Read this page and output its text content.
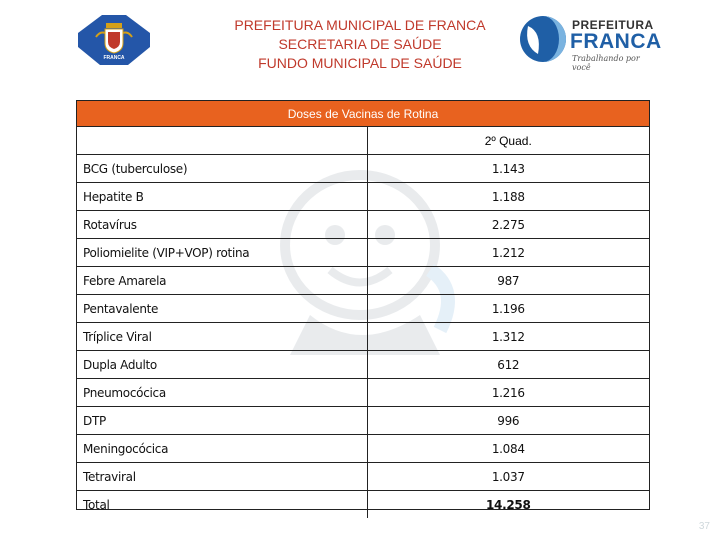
FRANCA
PREFEITURA MUNICIPAL DE FRANCA
SECRETARIA DE SAÚDE
FUNDO MUNICIPAL DE SAÚDE
PREFEITURA
FRANCA
Trabalhando por você
Doses de Vacinas de Rotina	
	2º Quad.
BCG (tuberculose)	1.143
Hepatite B	1.188
Rotavírus	2.275
Poliomielite (VIP+VOP) rotina	1.212
Febre Amarela	987
Pentavalente	1.196
Tríplice Viral	1.312
Dupla Adulto	612
Pneumocócica	1.216
DTP	996
Meningocócica	1.084
Tetraviral	1.037
Total	14.258
37
